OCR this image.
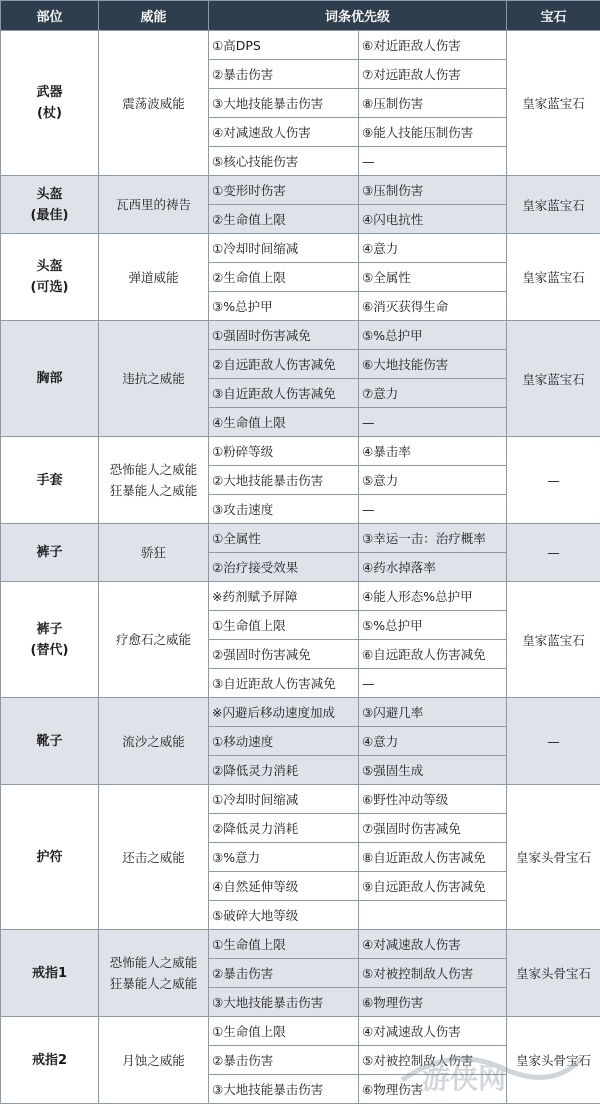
部位	威能	词条优先级		宝石
武器
(杖)	震荡波威能	①高DPS	⑥对近距敌人伤害	皇家蓝宝石
		②暴击伤害	⑦对远距敌人伤害	
		③大地技能暴击伤害	⑧压制伤害	
		④对减速敌人伤害	⑨能人技能压制伤害	
		⑤核心技能伤害	—	
头盔
(最佳)	瓦西里的祷告	①变形时伤害	③压制伤害	皇家蓝宝石
		②生命值上限	④闪电抗性	
头盔
(可选)	弹道威能	①冷却时间缩减	④意力	皇家蓝宝石
		②生命值上限	⑤全属性	
		③%总护甲	⑥消灭获得生命	
胸部	违抗之威能	①强固时伤害减免	⑤%总护甲	皇家蓝宝石
		②自远距敌人伤害减免	⑥大地技能伤害	
		③自近距敌人伤害减免	⑦意力	
		④生命值上限	—	
手套	恐怖能人之威能
狂暴能人之威能	①粉碎等级	④暴击率	—
		②大地技能暴击伤害	⑤意力	
		③攻击速度	—	
裤子	骄狂	①全属性	③幸运一击：治疗概率	—
		②治疗接受效果	④药水掉落率	
裤子
(替代)	疗愈石之威能	※药剂赋予屏障	④能人形态%总护甲	皇家蓝宝石
		①生命值上限	⑤%总护甲	
		②强固时伤害减免	⑥自远距敌人伤害减免	
		③自近距敌人伤害减免	—	
靴子	流沙之威能	※闪避后移动速度加成	③闪避几率	—
		①移动速度	④意力	
		②降低灵力消耗	⑤强固生成	
护符	还击之威能	①冷却时间缩减	⑥野性冲动等级	皇家头骨宝石
		②降低灵力消耗	⑦强固时伤害减免	
		③%意力	⑧自近距敌人伤害减免	
		④自然延伸等级	⑨自远距敌人伤害减免	
		⑤破碎大地等级		
戒指1	恐怖能人之威能
狂暴能人之威能	①生命值上限	④对减速敌人伤害	皇家头骨宝石
		②暴击伤害	⑤对被控制敌人伤害	
		③大地技能暴击伤害	⑥物理伤害	
戒指2	月蚀之威能	①生命值上限	④对减速敌人伤害	皇家头骨宝石
		②暴击伤害	⑤对被控制敌人伤害	
		③大地技能暴击伤害	⑥物理伤害	
游侠网
